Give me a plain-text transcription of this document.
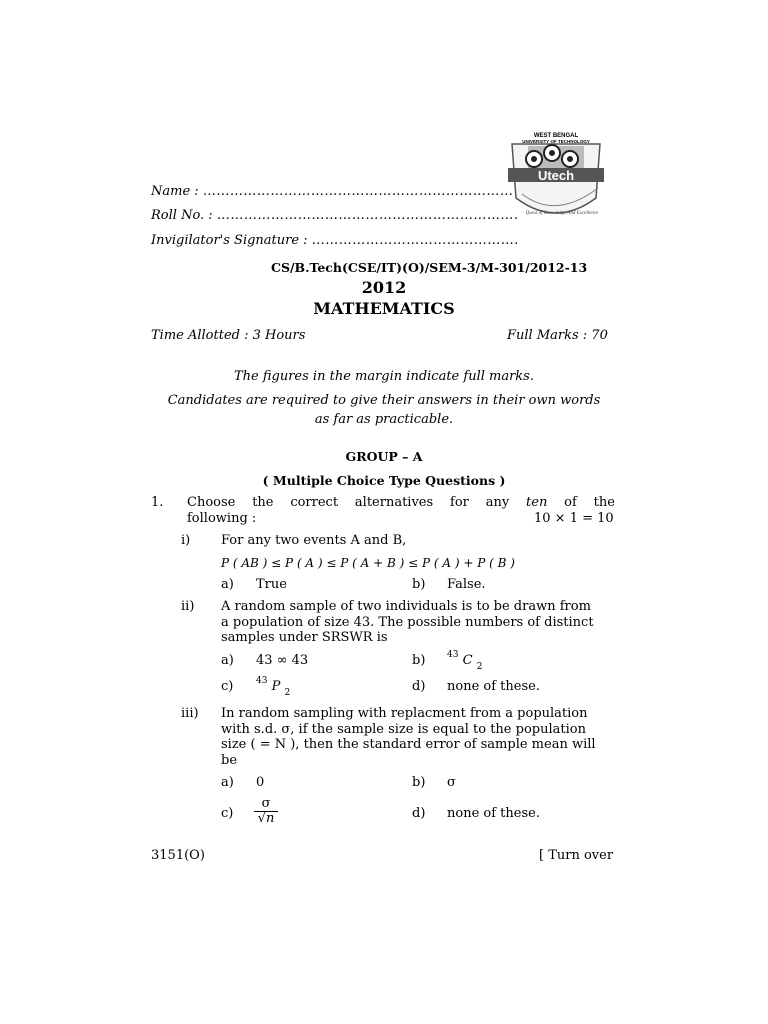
WEST BENGAL
UNIVERSITY OF TECHNOLOGY
Utech
Quest of Knowledge And Excellence
Name : ……………………………………………………………
Roll No. : ………………………………………………………….
Invigilator's Signature : ……………………………………….
CS/B.Tech(CSE/IT)(O)/SEM-3/M-301/2012-13
2012
MATHEMATICS
Time Allotted : 3 Hours	Full Marks : 70
The figures in the margin indicate full marks.
Candidates are required to give their answers in their own words
as far as practicable.
GROUP – A
( Multiple Choice Type Questions )
1. Choose the correct alternatives for any ten of the
following :	10 × 1 = 10
i) For any two events A and B,
P ( AB ) ≤ P ( A ) ≤ P ( A + B ) ≤ P ( A ) + P ( B )
a) True	b) False.
ii) A random sample of two individuals is to be drawn from
a population of size 43. The possible numbers of distinct
samples under SRSWR is
a) 43 ∞ 43	b) $^{43}$ C $_2$
c)	$^{43}$ P $_2$	d) none of these.
iii) In random sampling with replacment from a population
with s.d. σ, if the sample size is equal to the population
size ( = N ), then the standard error of sample mean will
be
a) 0	b) σ
$c) \frac{\sigma}{√n}$	d) none of these.
3151(O)	[ Turn over
